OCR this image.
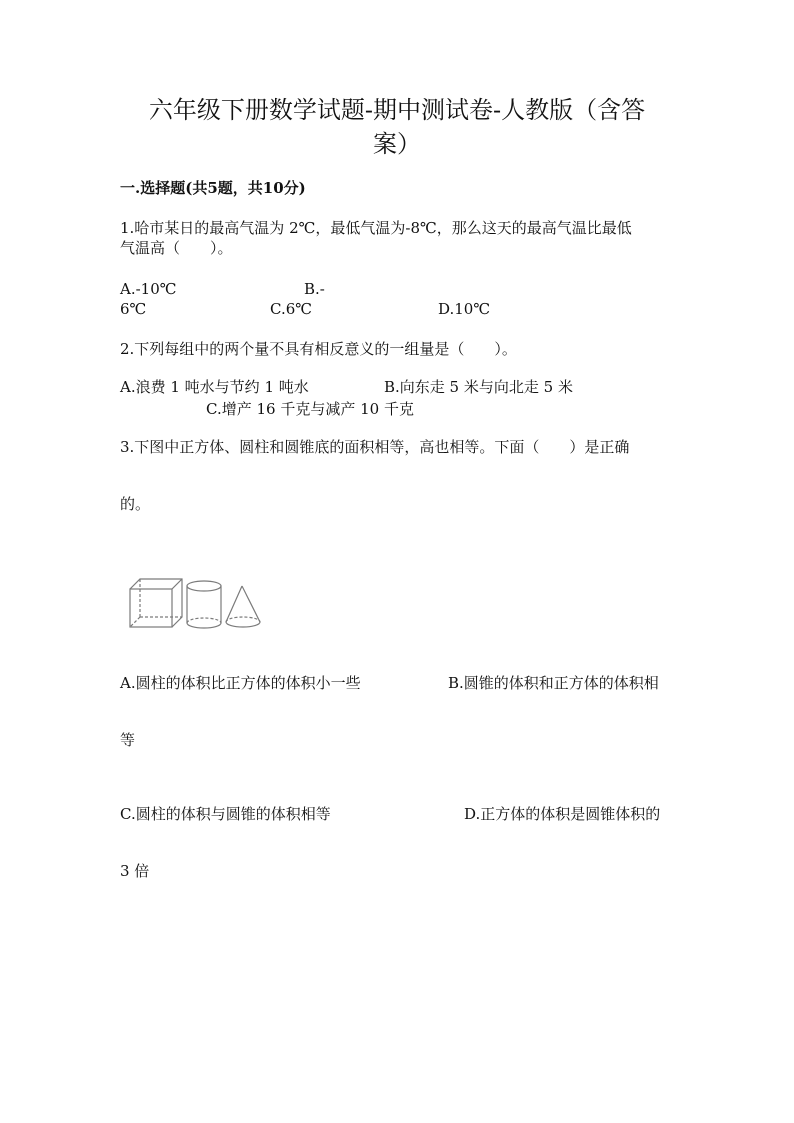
六年级下册数学试题-期中测试卷-人教版（含答
案）
一.选择题(共5题，共10分)
1.哈市某日的最高气温为 2℃，最低气温为-8℃，那么这天的最高气温比最低
气温高（　　）。
A.-10℃	B.-
6℃	C.6℃	D.10℃
2.下列每组中的两个量不具有相反意义的一组量是（　　）。
A.浪费 1 吨水与节约 1 吨水	B.向东走 5 米与向北走 5 米
C.增产 16 千克与减产 10 千克
3.下图中正方体、圆柱和圆锥底的面积相等，高也相等。下面（　　）是正确
的。
A.圆柱的体积比正方体的体积小一些	B.圆锥的体积和正方体的体积相
等
C.圆柱的体积与圆锥的体积相等	D.正方体的体积是圆锥体积的
3 倍
